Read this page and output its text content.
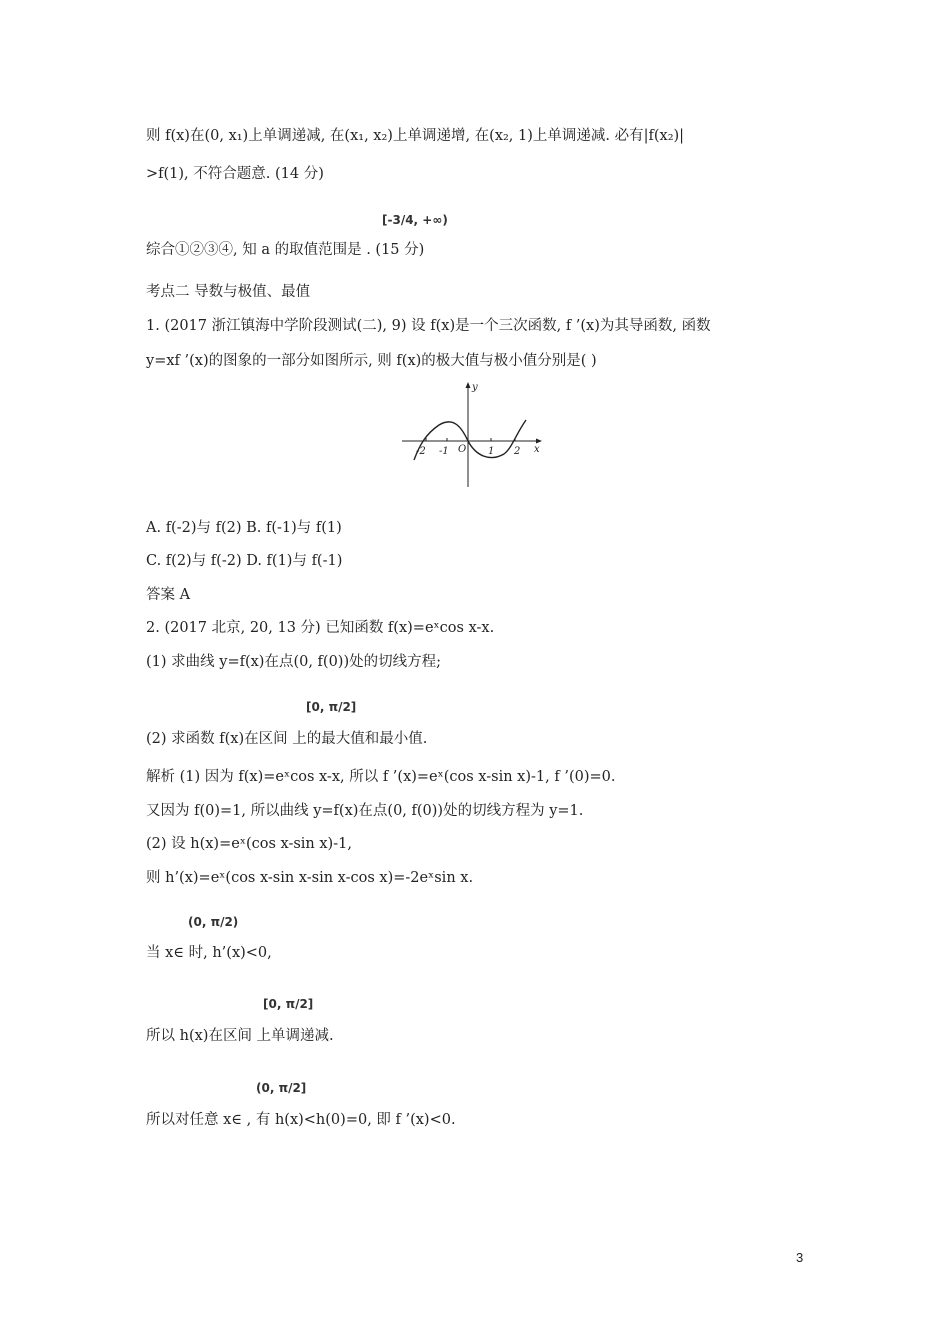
则 f(x)在(0, x₁)上单调递减, 在(x₁, x₂)上单调递增, 在(x₂, 1)上单调递减. 必有|f(x₂)|
>f(1), 不符合题意. (14 分)
[-3/4, +∞)
综合①②③④, 知 a 的取值范围是 . (15 分)
考点二 导数与极值、最值
1. (2017 浙江镇海中学阶段测试(二), 9) 设 f(x)是一个三次函数, f ’(x)为其导函数, 函数
y=xf ’(x)的图象的一部分如图所示, 则 f(x)的极大值与极小值分别是( )
y
x
O
-2 -1	1 2
A. f(-2)与 f(2) B. f(-1)与 f(1)
C. f(2)与 f(-2) D. f(1)与 f(-1)
答案 A
2. (2017 北京, 20, 13 分) 已知函数 f(x)=eˣcos x-x.
(1) 求曲线 y=f(x)在点(0, f(0))处的切线方程;
[0, π/2]
(2) 求函数 f(x)在区间 上的最大值和最小值.
解析 (1) 因为 f(x)=eˣcos x-x, 所以 f ’(x)=eˣ(cos x-sin x)-1, f ’(0)=0.
又因为 f(0)=1, 所以曲线 y=f(x)在点(0, f(0))处的切线方程为 y=1.
(2) 设 h(x)=eˣ(cos x-sin x)-1,
则 h’(x)=eˣ(cos x-sin x-sin x-cos x)=-2eˣsin x.
(0, π/2)
当 x∈ 时, h’(x)<0,
[0, π/2]
所以 h(x)在区间 上单调递减.
(0, π/2]
所以对任意 x∈ , 有 h(x)<h(0)=0, 即 f ’(x)<0.
3
